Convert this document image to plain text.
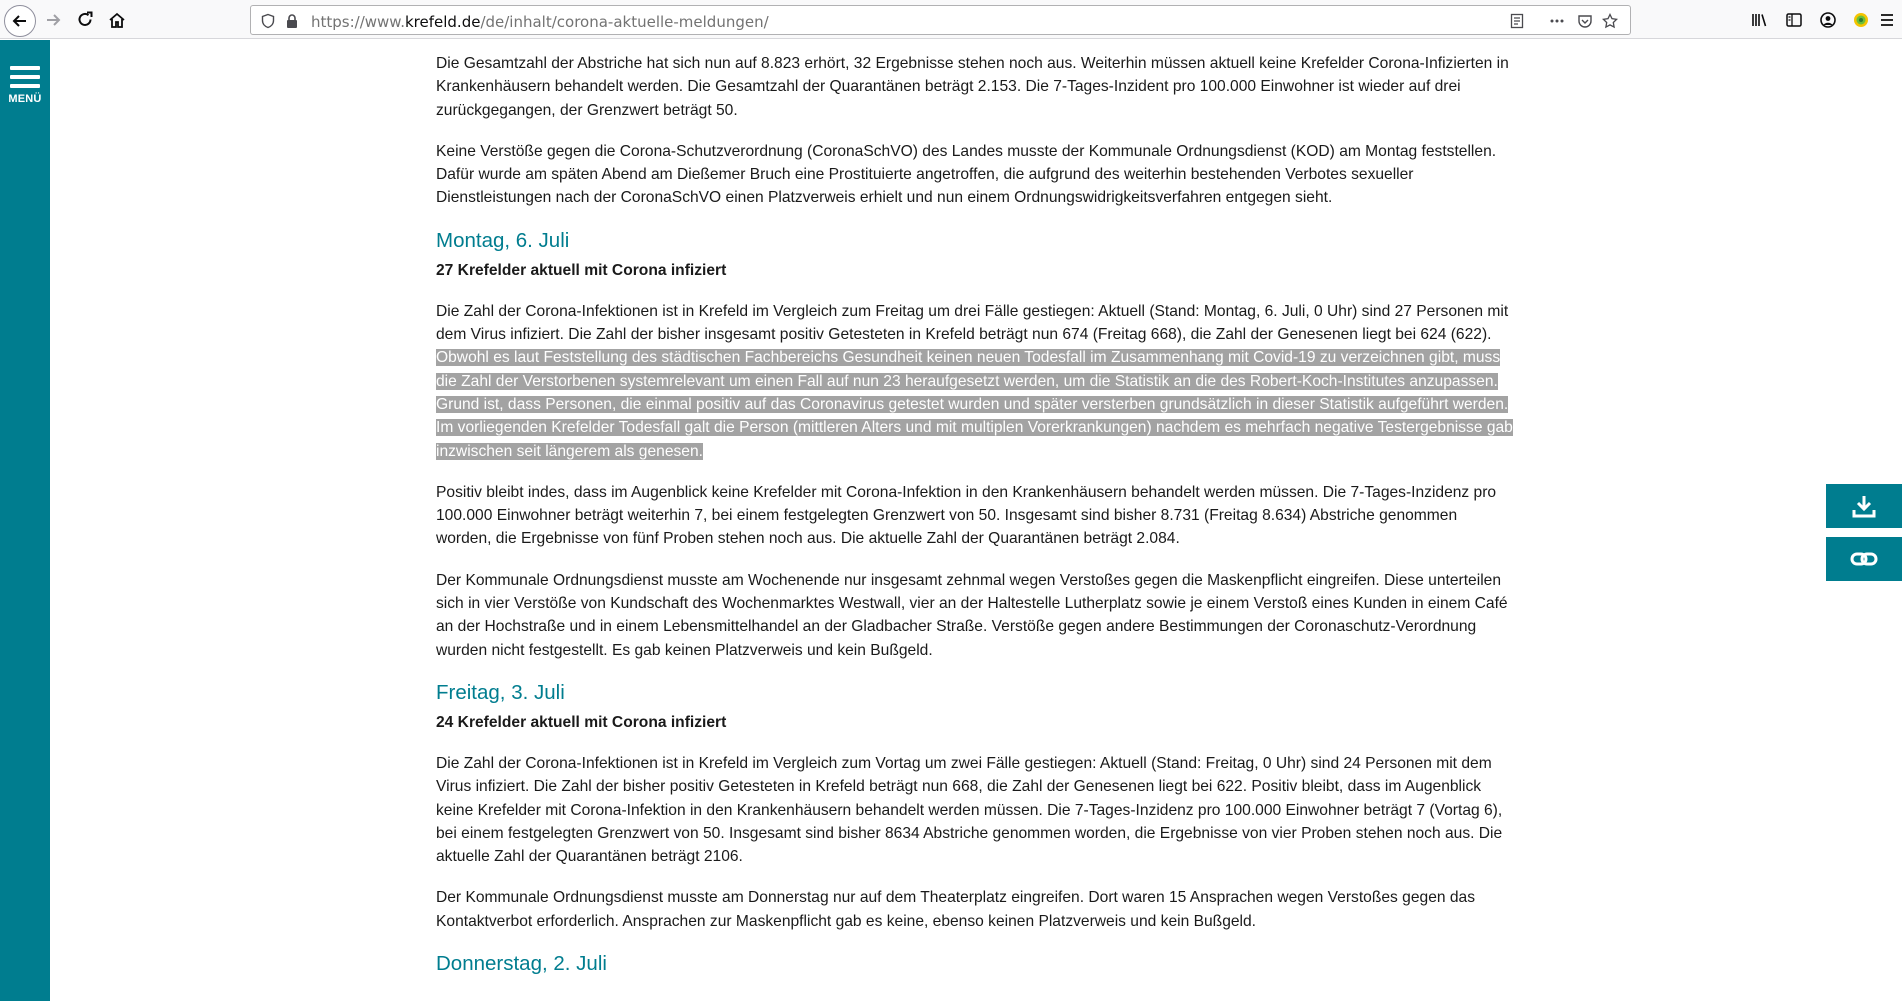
https://www.krefeld.de/de/inhalt/corona-aktuelle-meldungen/
MENÜ

Die Gesamtzahl der Abstriche hat sich nun auf 8.823 erhört, 32 Ergebnisse stehen noch aus. Weiterhin müssen aktuell keine Krefelder Corona-Infizierten in Krankenhäusern behandelt werden. Die Gesamtzahl der Quarantänen beträgt 2.153. Die 7-Tages-Inzident pro 100.000 Einwohner ist wieder auf drei zurückgegangen, der Grenzwert beträgt 50.

Keine Verstöße gegen die Corona-Schutzverordnung (CoronaSchVO) des Landes musste der Kommunale Ordnungsdienst (KOD) am Montag feststellen. Dafür wurde am späten Abend am Dießemer Bruch eine Prostituierte angetroffen, die aufgrund des weiterhin bestehenden Verbotes sexueller Dienstleistungen nach der CoronaSchVO einen Platzverweis erhielt und nun einem Ordnungswidrigkeitsverfahren entgegen sieht.

Montag, 6. Juli
27 Krefelder aktuell mit Corona infiziert

Die Zahl der Corona-Infektionen ist in Krefeld im Vergleich zum Freitag um drei Fälle gestiegen: Aktuell (Stand: Montag, 6. Juli, 0 Uhr) sind 27 Personen mit dem Virus infiziert. Die Zahl der bisher insgesamt positiv Getesteten in Krefeld beträgt nun 674 (Freitag 668), die Zahl der Genesenen liegt bei 624 (622). Obwohl es laut Feststellung des städtischen Fachbereichs Gesundheit keinen neuen Todesfall im Zusammenhang mit Covid-19 zu verzeichnen gibt, muss die Zahl der Verstorbenen systemrelevant um einen Fall auf nun 23 heraufgesetzt werden, um die Statistik an die des Robert-Koch-Institutes anzupassen. Grund ist, dass Personen, die einmal positiv auf das Coronavirus getestet wurden und später versterben grundsätzlich in dieser Statistik aufgeführt werden. Im vorliegenden Krefelder Todesfall galt die Person (mittleren Alters und mit multiplen Vorerkrankungen) nachdem es mehrfach negative Testergebnisse gab inzwischen seit längerem als genesen.

Positiv bleibt indes, dass im Augenblick keine Krefelder mit Corona-Infektion in den Krankenhäusern behandelt werden müssen. Die 7-Tages-Inzidenz pro 100.000 Einwohner beträgt weiterhin 7, bei einem festgelegten Grenzwert von 50. Insgesamt sind bisher 8.731 (Freitag 8.634) Abstriche genommen worden, die Ergebnisse von fünf Proben stehen noch aus. Die aktuelle Zahl der Quarantänen beträgt 2.084.

Der Kommunale Ordnungsdienst musste am Wochenende nur insgesamt zehnmal wegen Verstoßes gegen die Maskenpflicht eingreifen. Diese unterteilen sich in vier Verstöße von Kundschaft des Wochenmarktes Westwall, vier an der Haltestelle Lutherplatz sowie je einem Verstoß eines Kunden in einem Café an der Hochstraße und in einem Lebensmittelhandel an der Gladbacher Straße. Verstöße gegen andere Bestimmungen der Coronaschutz-Verordnung wurden nicht festgestellt. Es gab keinen Platzverweis und kein Bußgeld.

Freitag, 3. Juli
24 Krefelder aktuell mit Corona infiziert

Die Zahl der Corona-Infektionen ist in Krefeld im Vergleich zum Vortag um zwei Fälle gestiegen: Aktuell (Stand: Freitag, 0 Uhr) sind 24 Personen mit dem Virus infiziert. Die Zahl der bisher positiv Getesteten in Krefeld beträgt nun 668, die Zahl der Genesenen liegt bei 622. Positiv bleibt, dass im Augenblick keine Krefelder mit Corona-Infektion in den Krankenhäusern behandelt werden müssen. Die 7-Tages-Inzidenz pro 100.000 Einwohner beträgt 7 (Vortag 6), bei einem festgelegten Grenzwert von 50. Insgesamt sind bisher 8634 Abstriche genommen worden, die Ergebnisse von vier Proben stehen noch aus. Die aktuelle Zahl der Quarantänen beträgt 2106.

Der Kommunale Ordnungsdienst musste am Donnerstag nur auf dem Theaterplatz eingreifen. Dort waren 15 Ansprachen wegen Verstoßes gegen das Kontaktverbot erforderlich. Ansprachen zur Maskenpflicht gab es keine, ebenso keinen Platzverweis und kein Bußgeld.

Donnerstag, 2. Juli
